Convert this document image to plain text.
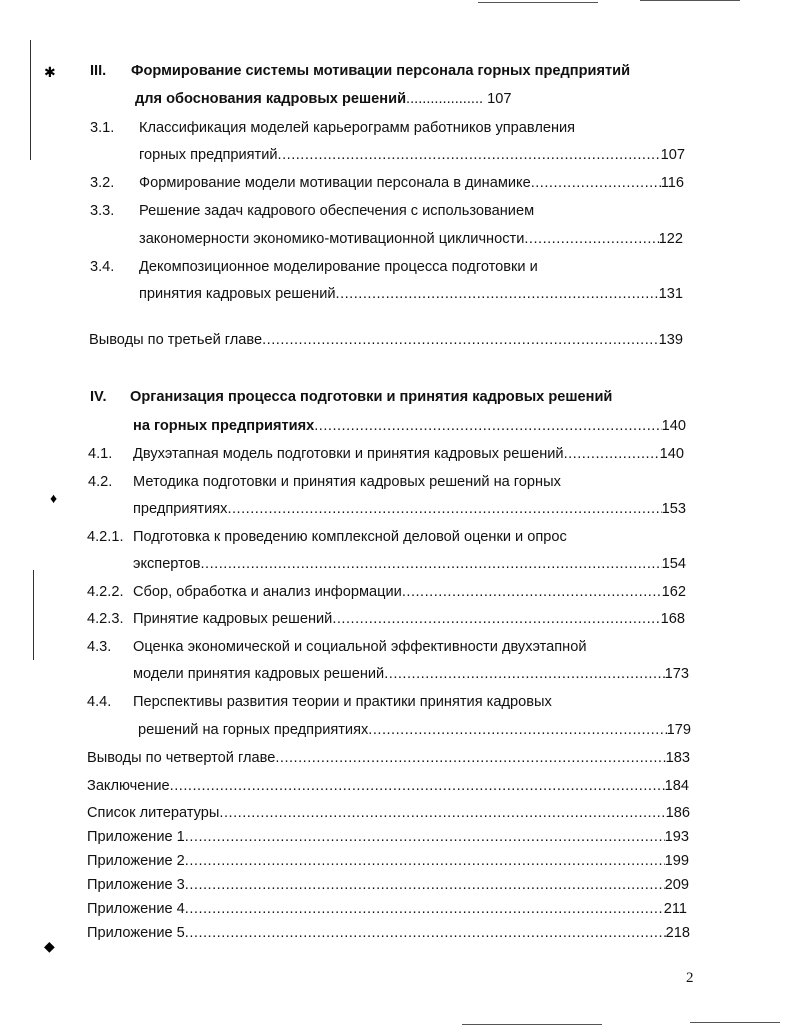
✱
♦
◆
III. Формирование системы мотивации персонала горных предприятий
для обоснования кадровых решений................... 107
3.1. Классификация моделей карьерограмм работников управления
горных предприятий .....	107
3.2. Формирование модели мотивации персонала в динамике .....	116
3.3. Решение задач кадрового обеспечения с использованием
закономерности экономико-мотивационной цикличности .....	122
3.4. Декомпозиционное моделирование процесса подготовки и
принятия кадровых решений .....	131
Выводы по третьей главе .....	139
IV. Организация процесса подготовки и принятия кадровых решений
на горных предприятиях .....	140
4.1. Двухэтапная модель подготовки и принятия кадровых решений .....	140
4.2. Методика подготовки и принятия кадровых решений на горных
предприятиях .....	153
4.2.1. Подготовка к проведению комплексной деловой оценки и опрос
экспертов .....	154
4.2.2. Сбор, обработка и анализ информации .....	162
4.2.3. Принятие кадровых решений .....	168
4.3. Оценка экономической и социальной эффективности двухэтапной
модели принятия кадровых решений .....	173
4.4. Перспективы развития теории и практики принятия кадровых
решений на горных предприятиях .....	179
Выводы по четвертой главе .....	183
Заключение .....	184
Список литературы .....	186
Приложение 1 .....	193
Приложение 2 .....	199
Приложение 3 .....	209
Приложение 4 .....	211
Приложение 5 .....	218
2
